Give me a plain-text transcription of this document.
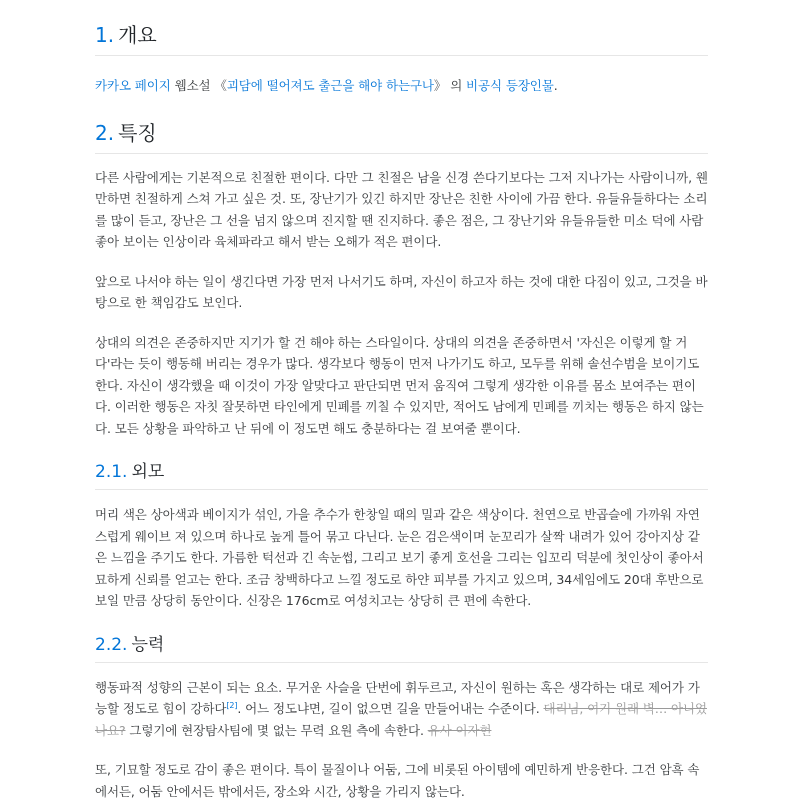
1. 개요

카카오 페이지 웹소설 《괴담에 떨어져도 출근을 해야 하는구나》 의 비공식 등장인물.

2. 특징

다른 사람에게는 기본적으로 친절한 편이다. 다만 그 친절은 남을 신경 쓴다기보다는 그저 지나가는 사람이니까, 웬만하면 친절하게 스쳐 가고 싶은 것. 또, 장난기가 있긴 하지만 장난은 친한 사이에 가끔 한다. 유들유들하다는 소리를 많이 듣고, 장난은 그 선을 넘지 않으며 진지할 땐 진지하다. 좋은 점은, 그 장난기와 유들유들한 미소 덕에 사람 좋아 보이는 인상이라 육체파라고 해서 받는 오해가 적은 편이다.

앞으로 나서야 하는 일이 생긴다면 가장 먼저 나서기도 하며, 자신이 하고자 하는 것에 대한 다짐이 있고, 그것을 바탕으로 한 책임감도 보인다.

상대의 의견은 존중하지만 지기가 할 건 해야 하는 스타일이다. 상대의 의견을 존중하면서 '자신은 이렇게 할 거다'라는 듯이 행동해 버리는 경우가 많다. 생각보다 행동이 먼저 나가기도 하고, 모두를 위해 솔선수범을 보이기도 한다. 자신이 생각했을 때 이것이 가장 알맞다고 판단되면 먼저 움직여 그렇게 생각한 이유를 몸소 보여주는 편이다. 이러한 행동은 자칫 잘못하면 타인에게 민폐를 끼칠 수 있지만, 적어도 남에게 민폐를 끼치는 행동은 하지 않는다. 모든 상황을 파악하고 난 뒤에 이 정도면 해도 충분하다는 걸 보여줄 뿐이다.

2.1. 외모

머리 색은 상아색과 베이지가 섞인, 가을 추수가 한창일 때의 밀과 같은 색상이다. 천연으로 반곱슬에 가까워 자연스럽게 웨이브 져 있으며 하나로 높게 틀어 묶고 다닌다. 눈은 검은색이며 눈꼬리가 살짝 내려가 있어 강아지상 같은 느낌을 주기도 한다. 가름한 턱선과 긴 속눈썹, 그리고 보기 좋게 호선을 그리는 입꼬리 덕분에 첫인상이 좋아서 묘하게 신뢰를 얻고는 한다. 조금 창백하다고 느낄 정도로 하얀 피부를 가지고 있으며, 34세임에도 20대 후반으로 보일 만큼 상당히 동안이다. 신장은 176cm로 여성치고는 상당히 큰 편에 속한다.

2.2. 능력

행동파적 성향의 근본이 되는 요소. 무거운 사슬을 단번에 휘두르고, 자신이 원하는 혹은 생각하는 대로 제어가 가능할 정도로 힘이 강하다[2]. 어느 정도냐면, 길이 없으면 길을 만들어내는 수준이다. 대리님, 여기 원래 벽… 아니었나요? 그렇기에 현장탐사팀에 몇 없는 무력 요원 측에 속한다. 유사 이자현

또, 기묘할 정도로 감이 좋은 편이다. 특이 물질이나 어둠, 그에 비롯된 아이템에 예민하게 반응한다. 그건 암흑 속에서든, 어둠 안에서든 밖에서든, 장소와 시간, 상황을 가리지 않는다.
